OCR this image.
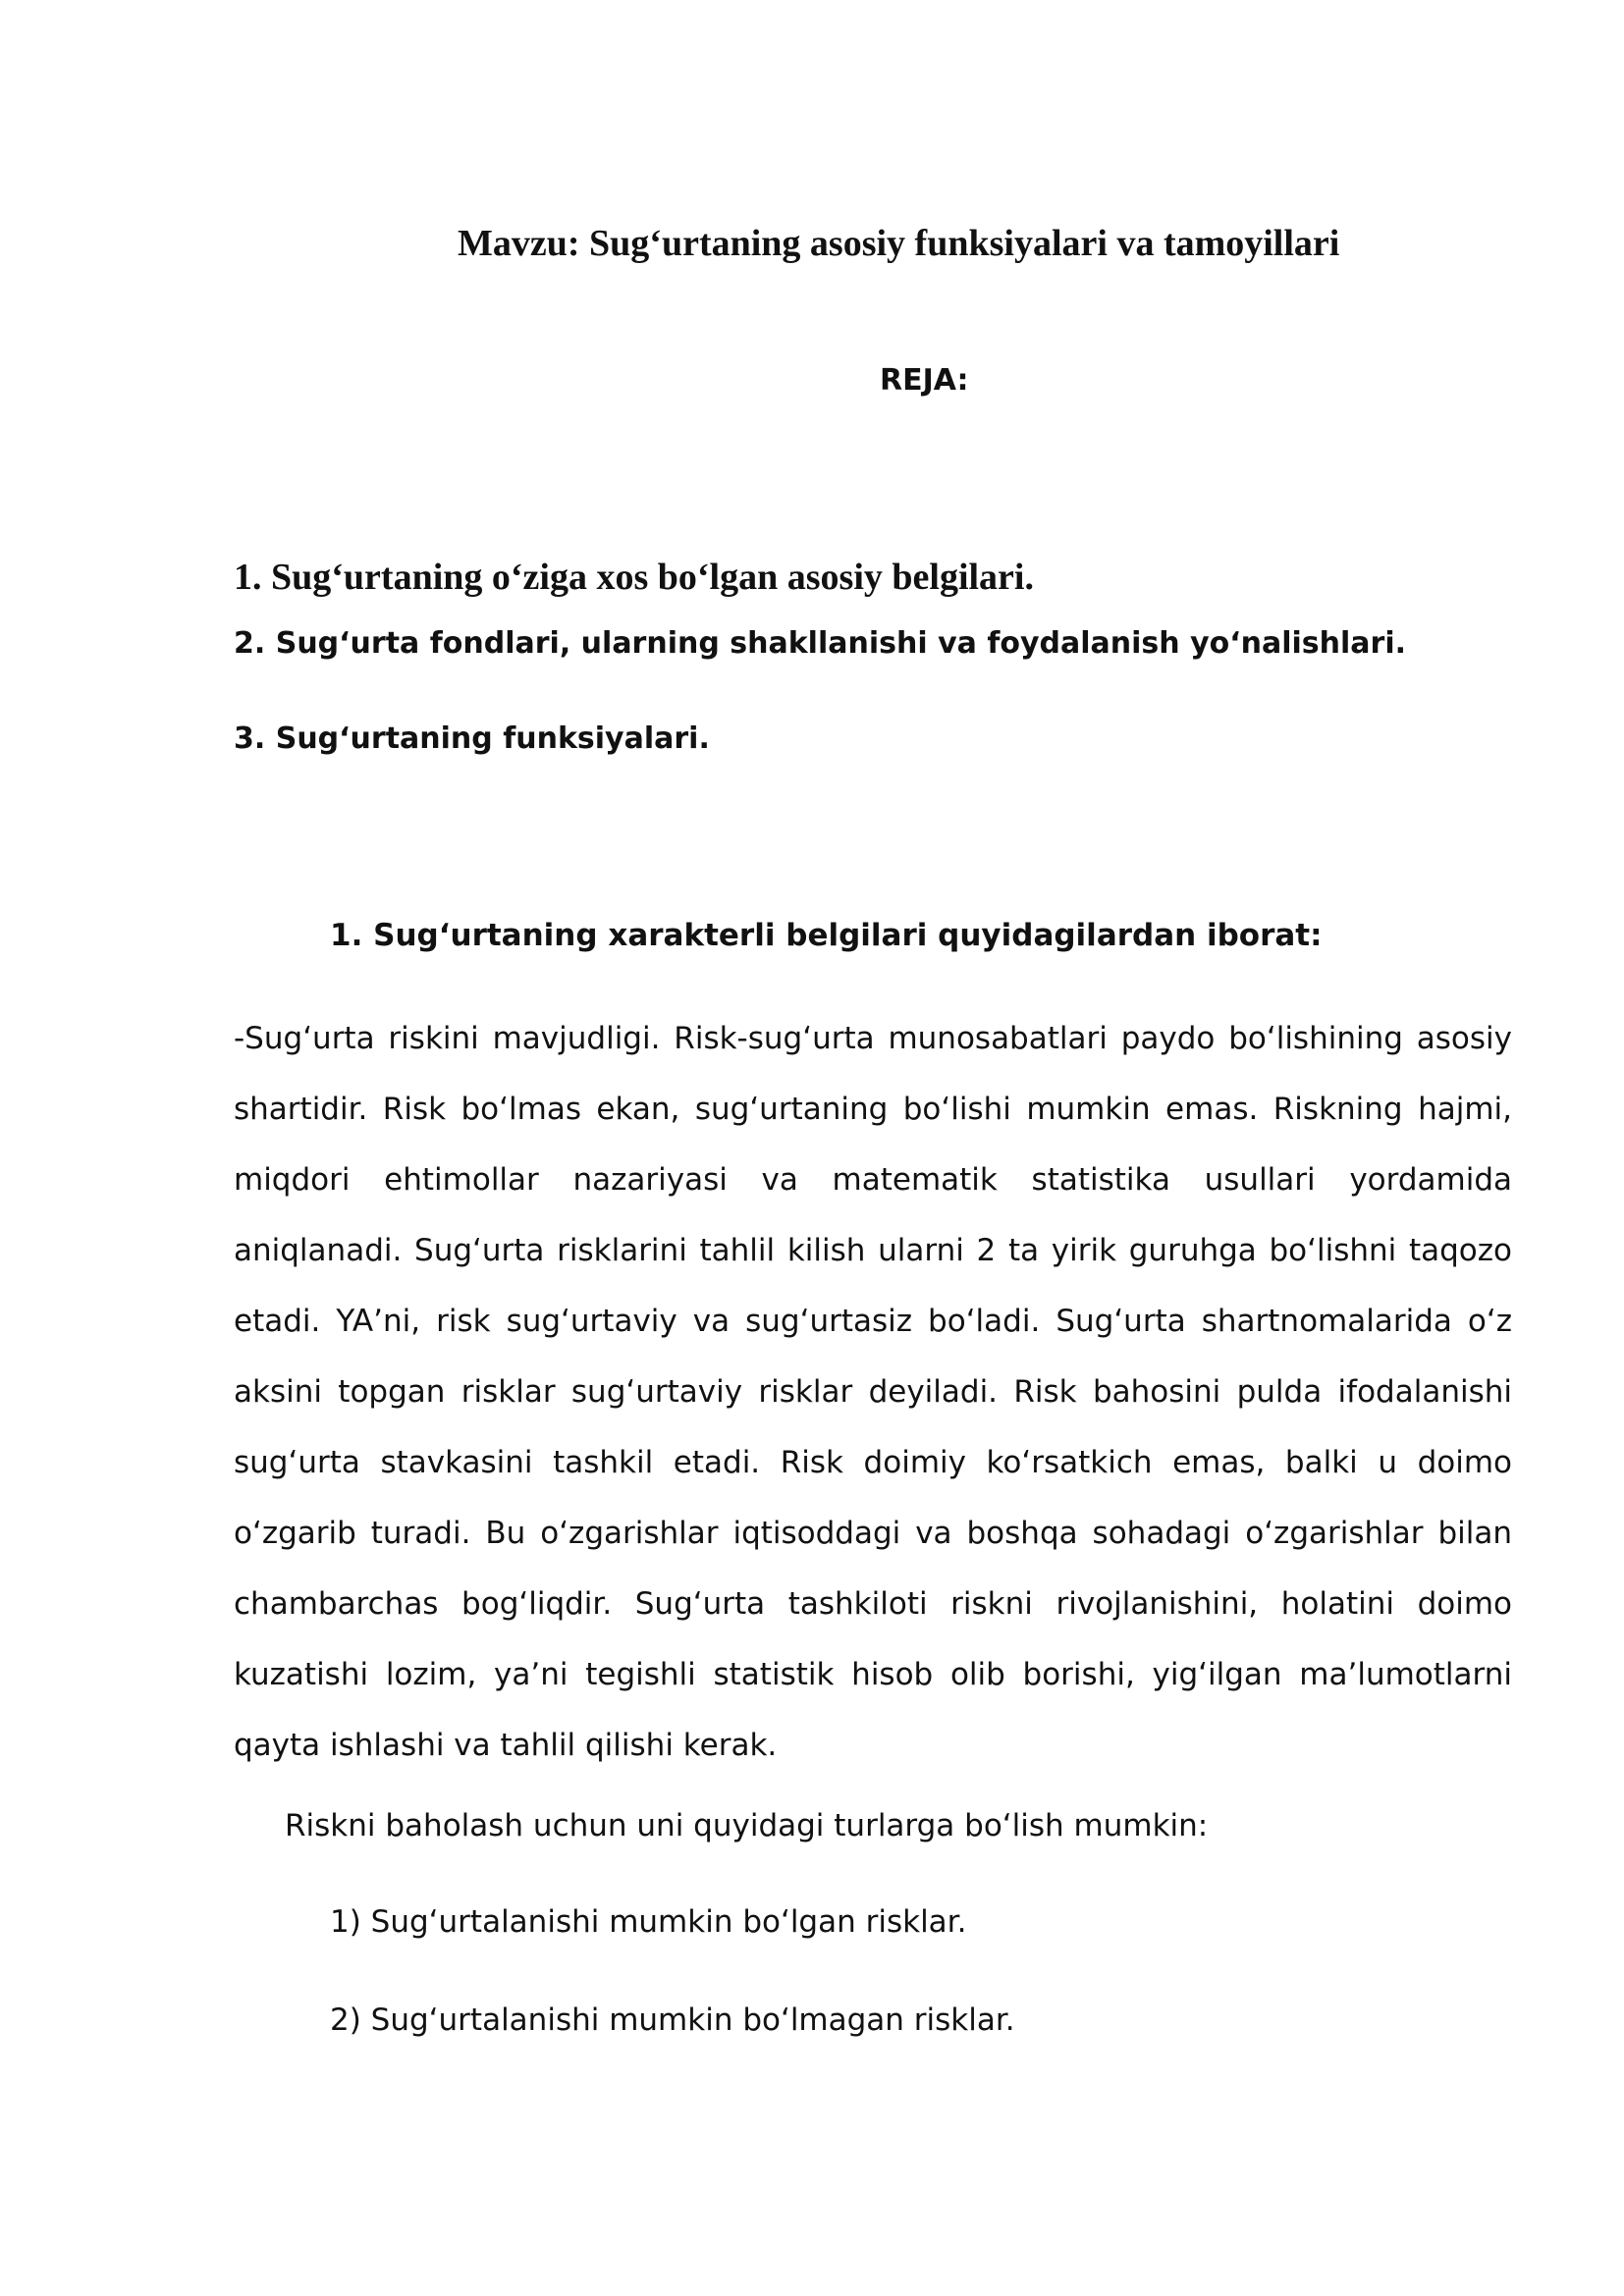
Mavzu: Sug‘urtaning asosiy funksiyalari va tamoyillari
REJA:
1. Sug‘urtaning o‘ziga xos bo‘lgan asosiy belgilari.
2. Sug‘urta fondlari, ularning shakllanishi va foydalanish yo‘nalishlari.
3. Sug‘urtaning funksiyalari.
1. Sug‘urtaning xarakterli belgilari quyidagilardan iborat:

-Sug‘urta riskini mavjudligi. Risk-sug‘urta munosabatlari paydo bo‘lishining asosiy shartidir. Risk bo‘lmas ekan, sug‘urtaning bo‘lishi mumkin emas. Riskning hajmi, miqdori ehtimollar nazariyasi va matematik statistika usullari yordamida aniqlanadi. Sug‘urta risklarini tahlil kilish ularni 2 ta yirik guruhga bo‘lishni taqozo etadi. YA’ni, risk sug‘urtaviy va sug‘urtasiz bo‘ladi. Sug‘urta shartnomalarida o‘z aksini topgan risklar sug‘urtaviy risklar deyiladi. Risk bahosini pulda ifodalanishi sug‘urta stavkasini tashkil etadi. Risk doimiy ko‘rsatkich emas, balki u doimo o‘zgarib turadi. Bu o‘zgarishlar iqtisoddagi va boshqa sohadagi o‘zgarishlar bilan chambarchas bog‘liqdir. Sug‘urta tashkiloti riskni rivojlanishini, holatini doimo kuzatishi lozim, ya’ni tegishli statistik hisob olib borishi, yig‘ilgan ma’lumotlarni qayta ishlashi va tahlil qilishi kerak.

Riskni baholash uchun uni quyidagi turlarga bo‘lish mumkin:

1) Sug‘urtalanishi mumkin bo‘lgan risklar.

2) Sug‘urtalanishi mumkin bo‘lmagan risklar.
